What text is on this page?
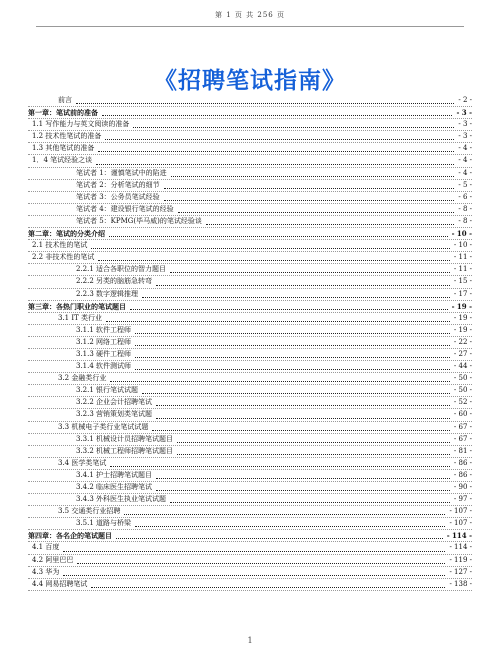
第 1 页 共 256 页
《招聘笔试指南》
前言	- 2 -
第一章：笔试前的准备	- 3 -
1.1 写作能力与英文阅读的准备	- 3 -
1.2 技术性笔试的准备	- 3 -
1.3 其他笔试的准备	- 4 -
1．4 笔试经验之谈	- 4 -
笔试者 1：谨慎笔试中的陷进	- 4 -
笔试者 2：分析笔试的细节	- 5 -
笔试者 3：公务员笔试经验	- 6 -
笔试者 4：建设银行笔试的经验	- 8 -
笔试者 5：KPMG(毕马威)的笔试经验谈	- 8 -
第二章：笔试的分类介绍	- 10 -
2.1 技术性的笔试	- 10 -
2.2 非技术性的笔试	- 11 -
2.2.1 适合各职位的智力题目	- 11 -
2.2.2 另类的脑筋急转弯	- 15 -
2.2.3 数字逻辑推理	- 17 -
第三章：各热门职业的笔试题目	- 19 -
3.1 IT 类行业	- 19 -
3.1.1 软件工程师	- 19 -
3.1.2 网络工程师	- 22 -
3.1.3 硬件工程师	- 27 -
3.1.4 软件测试师	- 44 -
3.2 金融类行业	- 50 -
3.2.1 银行笔试试题	- 50 -
3.2.2 企业会计招聘笔试	- 52 -
3.2.3 营销策划类笔试题	- 60 -
3.3 机械电子类行业笔试试题	- 67 -
3.3.1 机械设计员招聘笔试题目	- 67 -
3.3.2 机械工程师招聘笔试题目	- 81 -
3.4 医学类笔试	- 86 -
3.4.1 护士招聘笔试题目	- 86 -
3.4.2 临床医生招聘笔试	- 90 -
3.4.3 外科医生执业笔试试题	- 97 -
3.5 交通类行业招聘	- 107 -
3.5.1 道路与桥梁	- 107 -
第四章：各名企的笔试题目	- 114 -
4.1 百度	- 114 -
4.2 阿里巴巴	- 119 -
4.3 华为	- 127 -
4.4 网易招聘笔试	- 138 -
1
